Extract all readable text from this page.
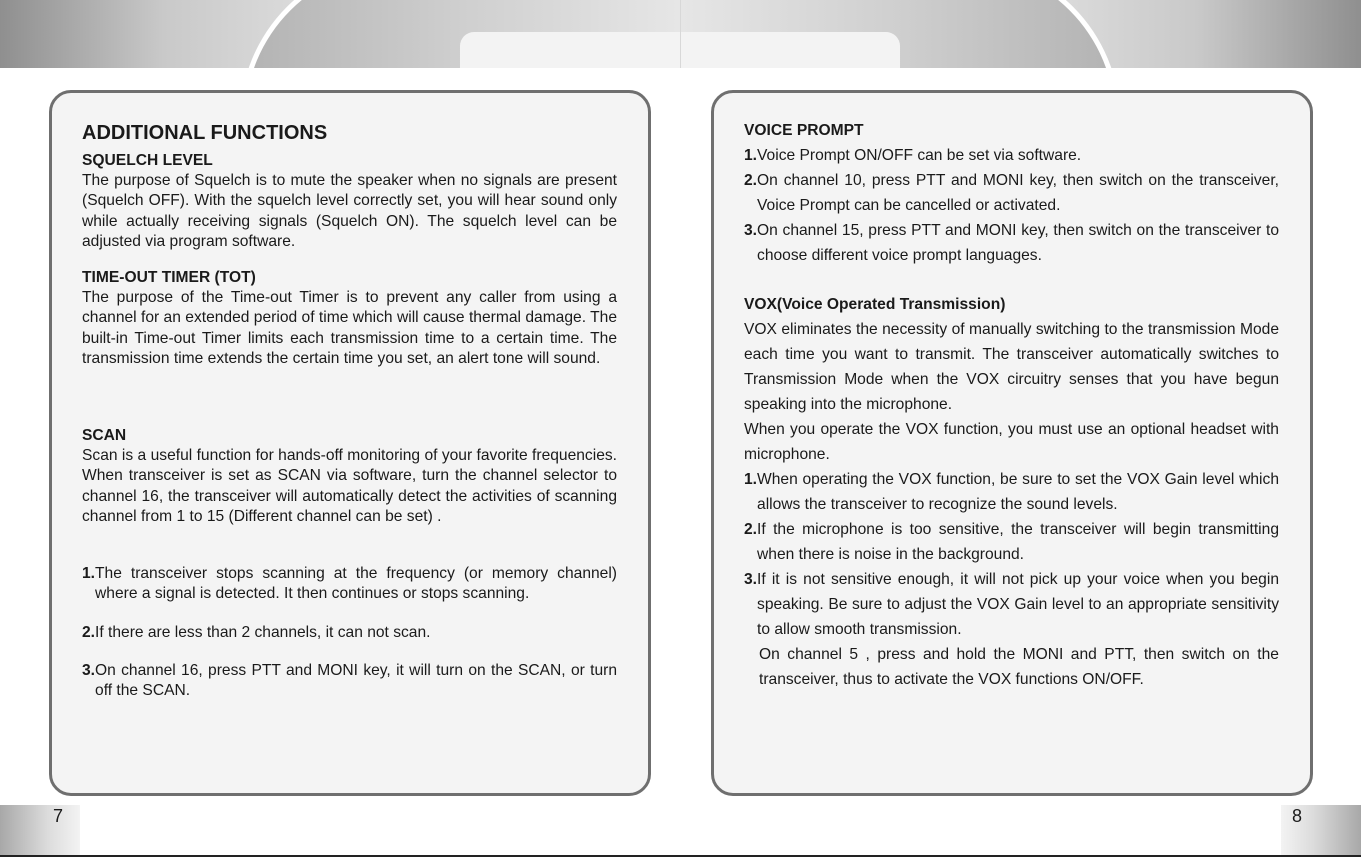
ADDITIONAL FUNCTIONS
SQUELCH LEVEL
The purpose of Squelch is to mute the speaker when no signals are present (Squelch OFF). With the squelch level correctly set, you will hear sound only while actually receiving signals (Squelch ON). The squelch level can be adjusted via program software.
TIME-OUT TIMER (TOT)
The purpose of the Time-out Timer is to prevent any caller from using a channel for an extended period of time which will cause thermal damage. The built-in Time-out Timer limits each transmission time to a certain time. The transmission time extends the certain time you set, an alert tone will sound.
SCAN
Scan is a useful function for hands-off monitoring of your favorite frequencies. When transceiver is set as SCAN via software, turn the channel selector to channel 16, the transceiver will automatically detect the activities of scanning channel from 1 to 15 (Different channel can be set) .
1. The transceiver stops scanning at the frequency (or memory channel) where a signal is detected. It then continues or stops scanning.
2. If there are less than 2 channels, it can not scan.
3. On channel 16, press PTT and MONI key, it will turn on the SCAN, or turn off the SCAN.
VOICE PROMPT
1. Voice Prompt ON/OFF can be set via software.
2. On channel 10, press PTT and MONI key, then switch on the transceiver, Voice Prompt can be cancelled or activated.
3. On channel 15, press PTT and MONI key, then switch on the transceiver to choose different voice prompt languages.
VOX(Voice Operated Transmission)
VOX eliminates the necessity of manually switching to the transmission Mode each time you want to transmit. The transceiver automatically switches to Transmission Mode when the VOX circuitry senses that you have begun speaking into the microphone.
When you operate the VOX function, you must use an optional headset with microphone.
1. When operating the VOX function, be sure to set the VOX Gain level which allows the transceiver to recognize the sound levels.
2. If the microphone is too sensitive, the transceiver will begin transmitting when there is noise in the background.
3. If it is not sensitive enough, it will not pick up your voice when you begin speaking. Be sure to adjust the VOX Gain level to an appropriate sensitivity to allow smooth transmission.
On channel 5 , press and hold the MONI and PTT, then switch on the transceiver, thus to activate the VOX functions ON/OFF.
7	8
